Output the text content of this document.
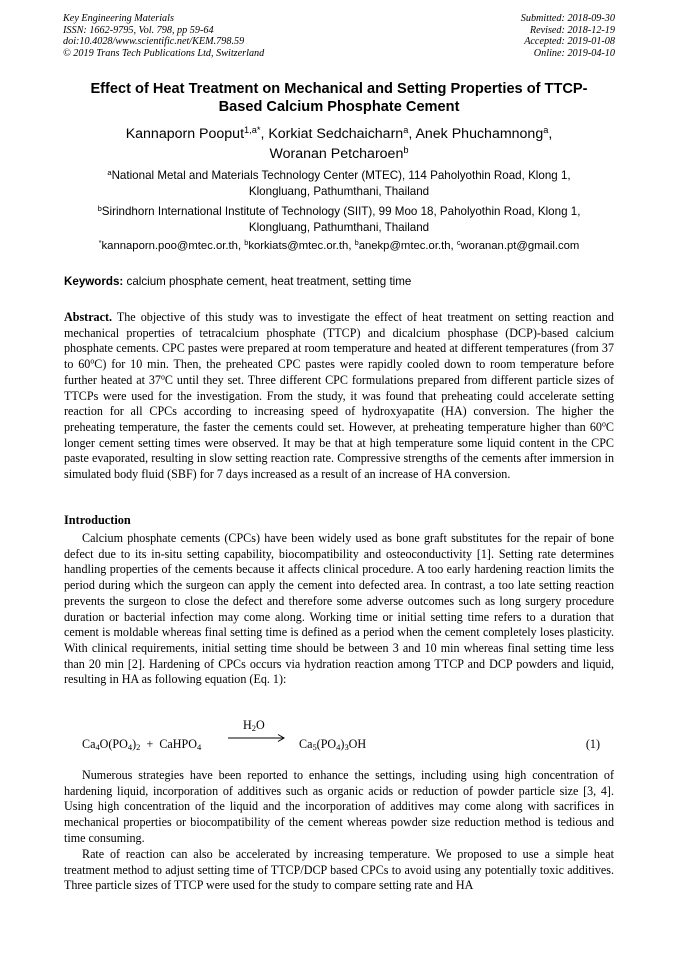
Key Engineering Materials
ISSN: 1662-9795, Vol. 798, pp 59-64
doi:10.4028/www.scientific.net/KEM.798.59
© 2019 Trans Tech Publications Ltd, Switzerland
Submitted: 2018-09-30
Revised: 2018-12-19
Accepted: 2019-01-08
Online: 2019-04-10
Effect of Heat Treatment on Mechanical and Setting Properties of TTCP-
Based Calcium Phosphate Cement
Kannaporn Pooput$^{1,a*}$, Korkiat Sedchaicharn$^a$, Anek Phuchamnong$^a$,
Woranan Petcharoen$^b$
$^a$National Metal and Materials Technology Center (MTEC), 114 Paholyothin Road, Klong 1,
Klongluang, Pathumthani, Thailand
$^b$Sirindhorn International Institute of Technology (SIIT), 99 Moo 18, Paholyothin Road, Klong 1,
Klongluang, Pathumthani, Thailand
*kannaporn.poo@mtec.or.th, $^b$korkiats@mtec.or.th, $^b$anekp@mtec.or.th, $^c$woranan.pt@gmail.com
Keywords: calcium phosphate cement, heat treatment, setting time
Abstract. The objective of this study was to investigate the effect of heat treatment on setting reaction and mechanical properties of tetracalcium phosphate (TTCP) and dicalcium phosphase (DCP)-based calcium phosphate cements. CPC pastes were prepared at room temperature and heated at different temperatures (from 37 to 60$^o$C) for 10 min. Then, the preheated CPC pastes were rapidly cooled down to room temperature before further heated at 37$^o$C until they set. Three different CPC formulations prepared from different particle sizes of TTCPs were used for the investigation. From the study, it was found that preheating could accelerate setting reaction for all CPCs according to increasing speed of hydroxyapatite (HA) conversion. The higher the preheating temperature, the faster the cements could set. However, at preheating temperature higher than 60$^o$C longer cement setting times were observed. It may be that at high temperature some liquid content in the CPC paste evaporated, resulting in slow setting reaction rate. Compressive strengths of the cements after immersion in simulated body fluid (SBF) for 7 days increased as a result of an increase of HA conversion.
Introduction
Calcium phosphate cements (CPCs) have been widely used as bone graft substitutes for the repair of bone defect due to its in-situ setting capability, biocompatibility and osteoconductivity [1]. Setting rate determines handling properties of the cements because it affects clinical procedure. A too early hardening reaction limits the period during which the surgeon can apply the cement into defected area. In contrast, a too late setting reaction prevents the surgeon to close the defect and therefore some adverse outcomes such as long surgery procedure duration or bacterial infection may come along. Working time or initial setting time refers to a duration that cement is moldable whereas final setting time is defined as a period when the cement completely loses plasticity. With clinical requirements, initial setting time should be between 3 and 10 min whereas final setting time less than 20 min [2]. Hardening of CPCs occurs via hydration reaction among TTCP and DCP powders and liquid, resulting in HA as following equation (Eq. 1):
$H_2O$
$Ca_4O(PO_4)_2$ + CaHPO$_4$	$Ca_5(PO_4)_3OH$	(1)
Numerous strategies have been reported to enhance the settings, including using high concentration of hardening liquid, incorporation of additives such as organic acids or reduction of powder particle size [3, 4]. Using high concentration of the liquid and the incorporation of additives may come along with sacrifices in mechanical properties or biocompatibility of the cement whereas powder size reduction method is tedious and time consuming.
Rate of reaction can also be accelerated by increasing temperature. We proposed to use a simple heat treatment method to adjust setting time of TTCP/DCP based CPCs to avoid using any potentially toxic additives. Three particle sizes of TTCP were used for the study to compare setting rate and HA
